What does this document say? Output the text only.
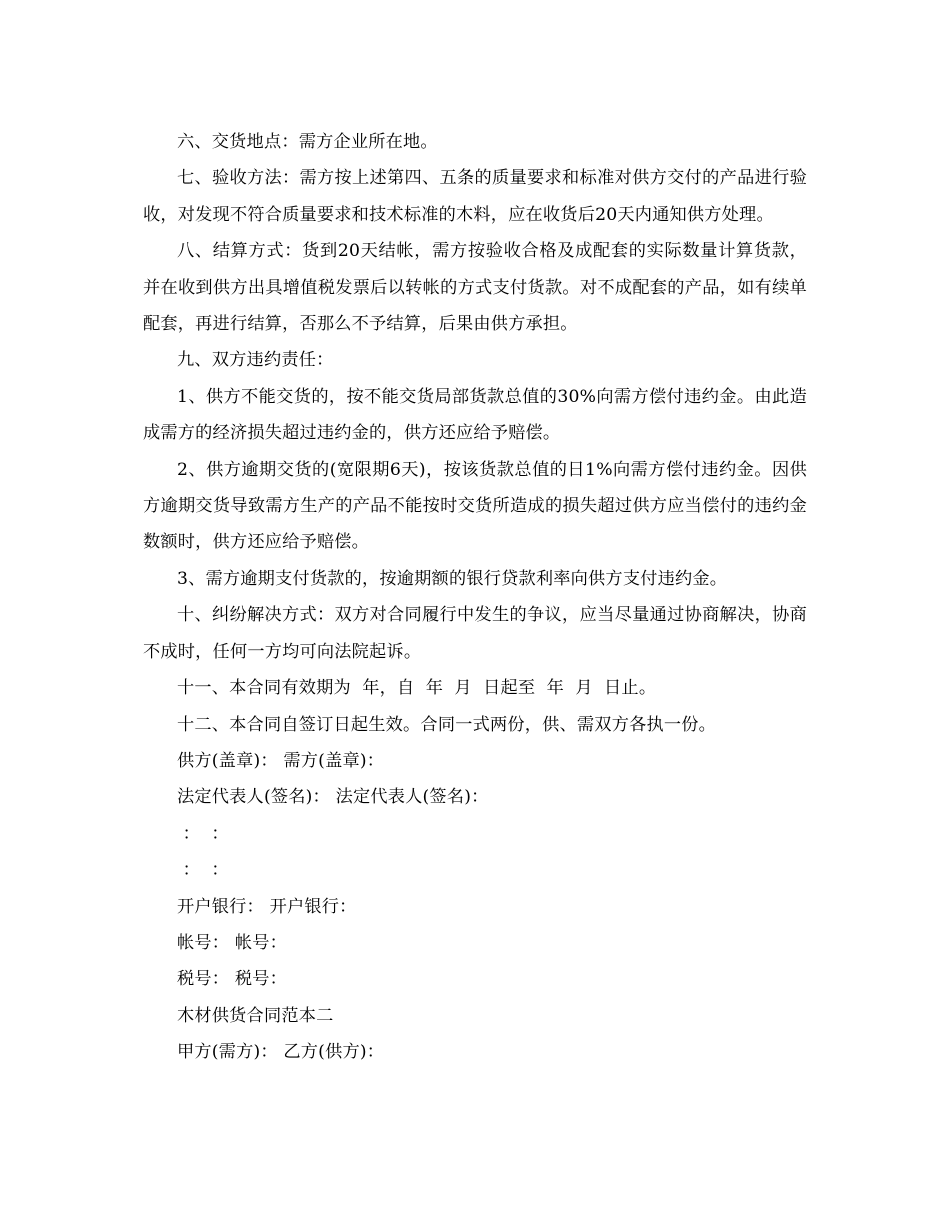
六、交货地点：需方企业所在地。

七、验收方法：需方按上述第四、五条的质量要求和标准对供方交付的产品进行验收，对发现不符合质量要求和技术标准的木料，应在收货后20天内通知供方处理。

八、结算方式：货到20天结帐，需方按验收合格及成配套的实际数量计算货款，并在收到供方出具增值税发票后以转帐的方式支付货款。对不成配套的产品，如有续单配套，再进行结算，否那么不予结算，后果由供方承担。

九、双方违约责任：

1、供方不能交货的，按不能交货局部货款总值的30%向需方偿付违约金。由此造成需方的经济损失超过违约金的，供方还应给予赔偿。

2、供方逾期交货的(宽限期6天)，按该货款总值的日1%向需方偿付违约金。因供方逾期交货导致需方生产的产品不能按时交货所造成的损失超过供方应当偿付的违约金数额时，供方还应给予赔偿。

3、需方逾期支付货款的，按逾期额的银行贷款利率向供方支付违约金。

十、纠纷解决方式：双方对合同履行中发生的争议，应当尽量通过协商解决，协商不成时，任何一方均可向法院起诉。

十一、本合同有效期为  年，自  年  月  日起至  年  月  日止。

十二、本合同自签订日起生效。合同一式两份，供、需双方各执一份。

供方(盖章)： 需方(盖章)：

法定代表人(签名)： 法定代表人(签名)：

：  ：

：  ：

开户银行： 开户银行：

帐号： 帐号：

税号： 税号：

木材供货合同范本二

甲方(需方)： 乙方(供方)：
